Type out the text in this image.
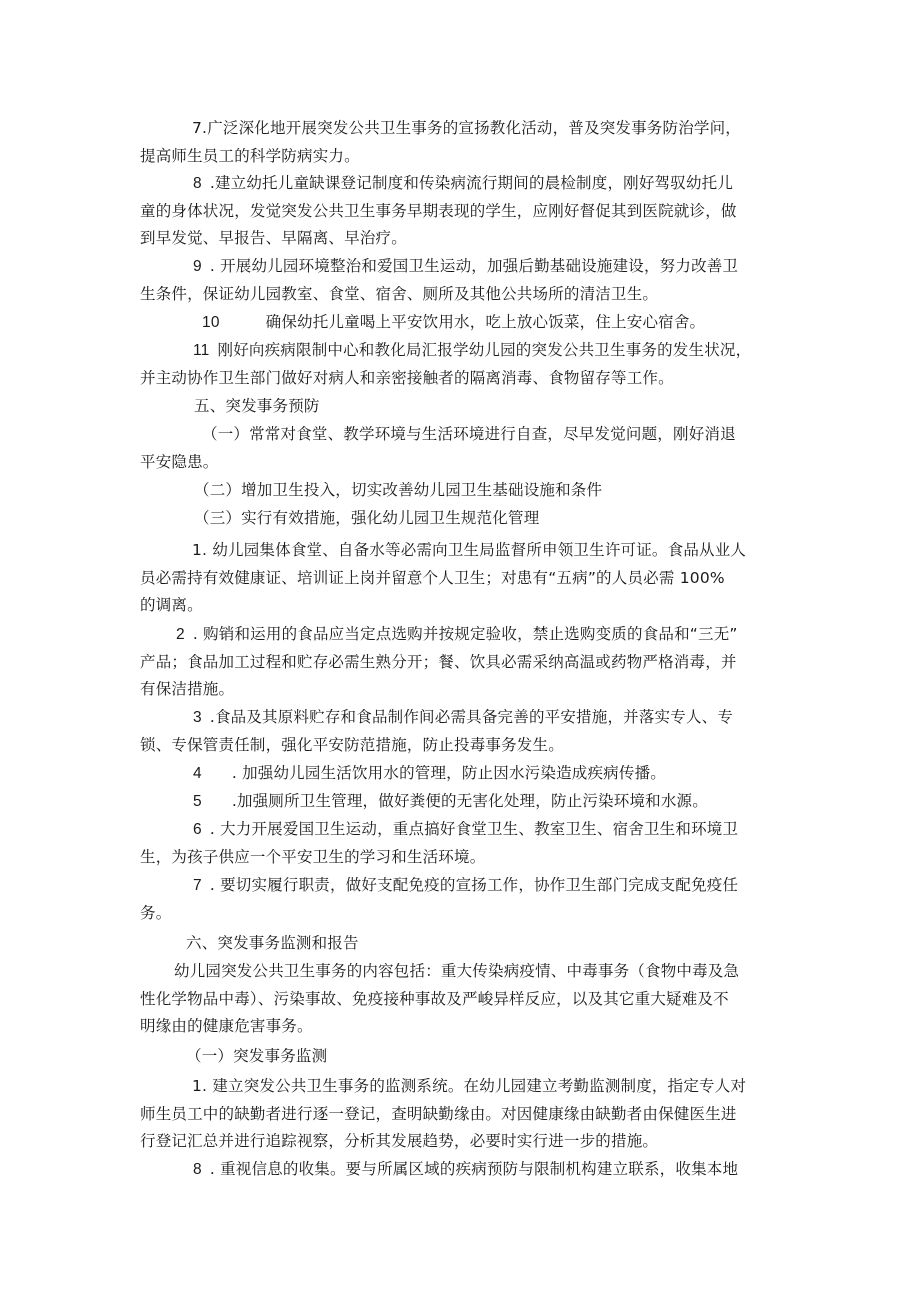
7.广泛深化地开展突发公共卫生事务的宣扬教化活动，普及突发事务防治学问，
提高师生员工的科学防病实力。
8 .建立幼托儿童缺课登记制度和传染病流行期间的晨检制度，刚好驾驭幼托儿
童的身体状况，发觉突发公共卫生事务早期表现的学生，应刚好督促其到医院就诊，做
到早发觉、早报告、早隔离、早治疗。
9 . 开展幼儿园环境整治和爱国卫生运动，加强后勤基础设施建设，努力改善卫
生条件，保证幼儿园教室、食堂、宿舍、厕所及其他公共场所的清洁卫生。
10	确保幼托儿童喝上平安饮用水，吃上放心饭菜，住上安心宿舍。
11 刚好向疾病限制中心和教化局汇报学幼儿园的突发公共卫生事务的发生状况，
并主动协作卫生部门做好对病人和亲密接触者的隔离消毒、食物留存等工作。
五、突发事务预防
（一）常常对食堂、教学环境与生活环境进行自查，尽早发觉问题，刚好消退
平安隐患。
（二）增加卫生投入，切实改善幼儿园卫生基础设施和条件
（三）实行有效措施，强化幼儿园卫生规范化管理
1. 幼儿园集体食堂、自备水等必需向卫生局监督所申领卫生许可证。食品从业人
员必需持有效健康证、培训证上岗并留意个人卫生；对患有“五病”的人员必需 100%
的调离。
2 . 购销和运用的食品应当定点选购并按规定验收，禁止选购变质的食品和“三无”
产品；食品加工过程和贮存必需生熟分开；餐、饮具必需采纳高温或药物严格消毒，并
有保洁措施。
3 .食品及其原料贮存和食品制作间必需具备完善的平安措施，并落实专人、专
锁、专保管责任制，强化平安防范措施，防止投毒事务发生。
4 . 加强幼儿园生活饮用水的管理，防止因水污染造成疾病传播。
5 .加强厕所卫生管理，做好粪便的无害化处理，防止污染环境和水源。
6 . 大力开展爱国卫生运动，重点搞好食堂卫生、教室卫生、宿舍卫生和环境卫
生，为孩子供应一个平安卫生的学习和生活环境。
7 . 要切实履行职责，做好支配免疫的宣扬工作，协作卫生部门完成支配免疫任
务。
六、突发事务监测和报告
幼儿园突发公共卫生事务的内容包括：重大传染病疫情、中毒事务（食物中毒及急
性化学物品中毒）、污染事故、免疫接种事故及严峻异样反应，以及其它重大疑难及不
明缘由的健康危害事务。
（一）突发事务监测
1. 建立突发公共卫生事务的监测系统。在幼儿园建立考勤监测制度，指定专人对
师生员工中的缺勤者进行逐一登记，查明缺勤缘由。对因健康缘由缺勤者由保健医生进
行登记汇总并进行追踪视察，分析其发展趋势，必要时实行进一步的措施。
8 . 重视信息的收集。要与所属区域的疾病预防与限制机构建立联系，收集本地
